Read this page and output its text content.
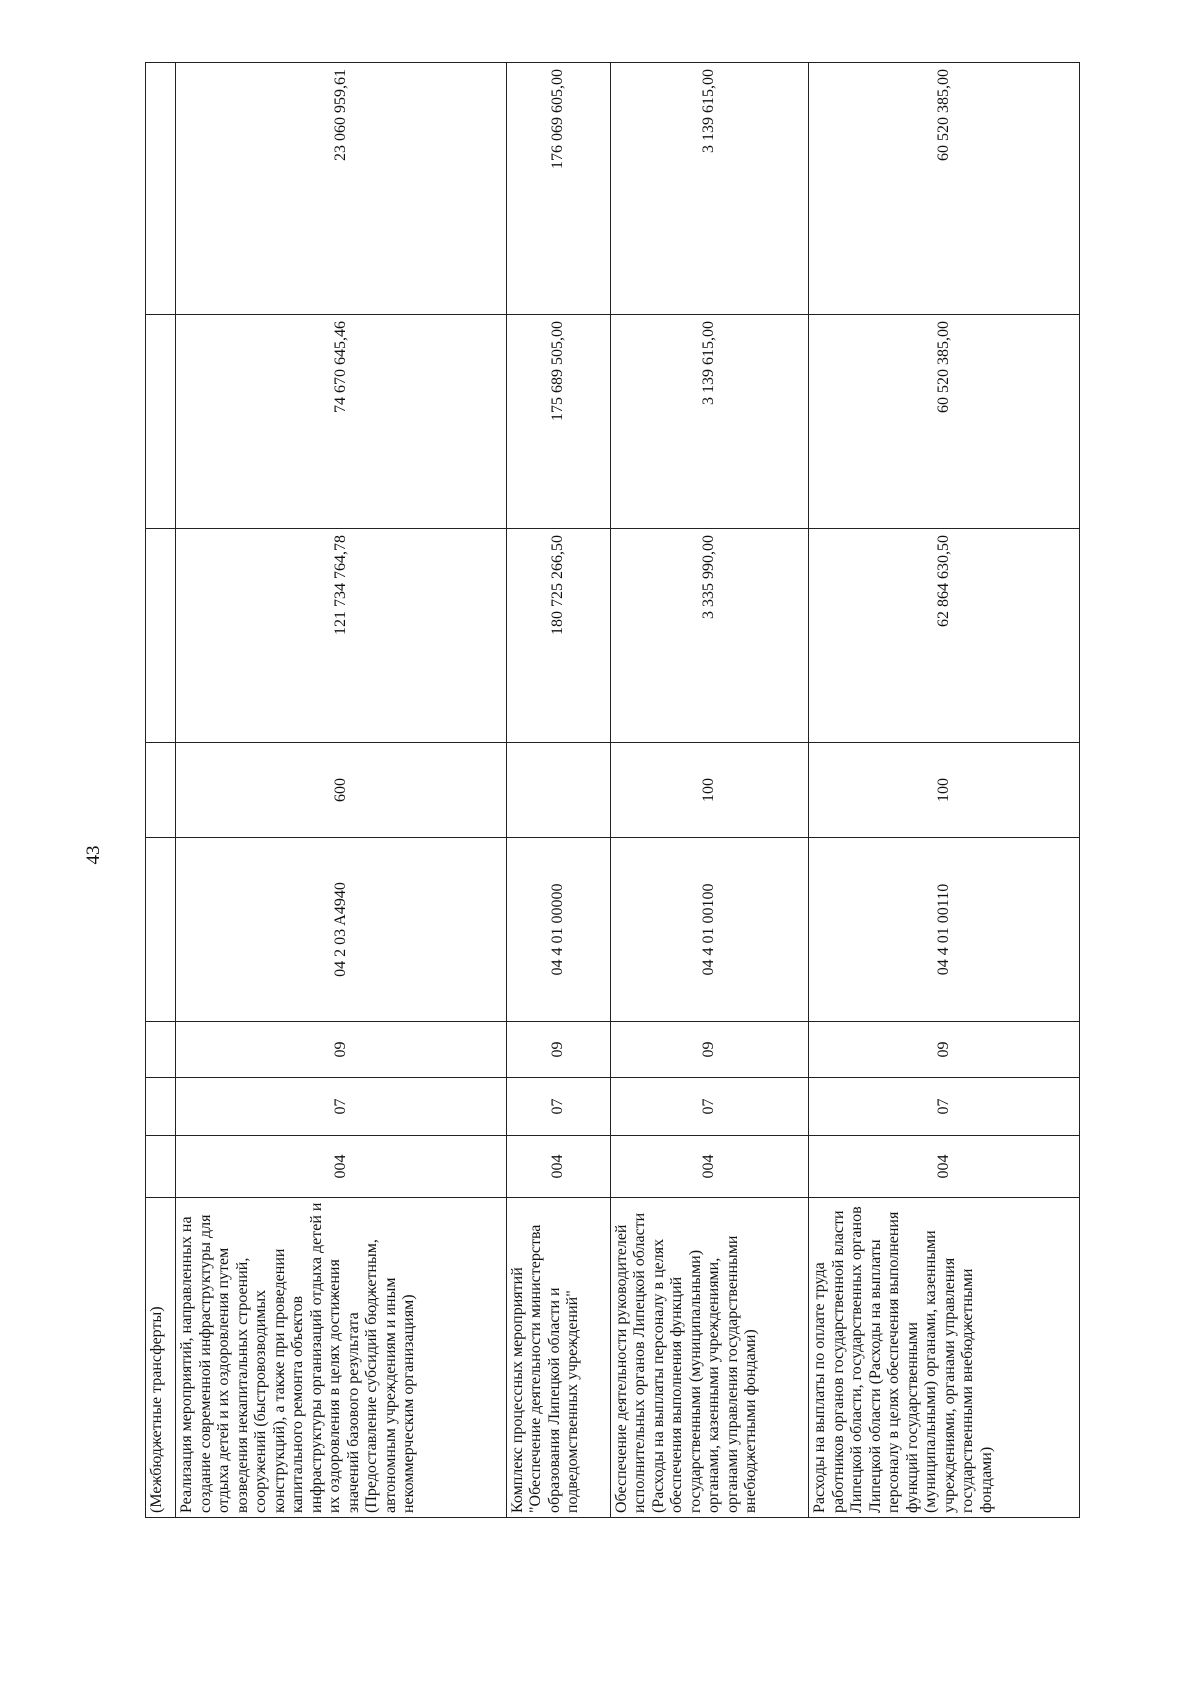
43
(Межбюджетные трансферты)								
Реализация мероприятий, направленных на создание современной инфраструктуры для отдыха детей и их оздоровления путем возведения некапитальных строений, сооружений (быстровозводимых конструкций), а также при проведении капитального ремонта объектов инфраструктуры организаций отдыха детей и их оздоровления в целях достижения значений базового результата (Предоставление субсидий бюджетным, автономным учреждениям и иным некоммерческим организациям)	004	07	09	04 2 03 A4940	600	121 734 764,78	74 670 645,46	23 060 959,61
Комплекс процессных мероприятий "Обеспечение деятельности министерства образования Липецкой области и подведомственных учреждений"	004	07	09	04 4 01 00000		180 725 266,50	175 689 505,00	176 069 605,00
Обеспечение деятельности руководителей исполнительных органов Липецкой области (Расходы на выплаты персоналу в целях обеспечения выполнения функций государственными (муниципальными) органами, казенными учреждениями, органами управления государственными внебюджетными фондами)	004	07	09	04 4 01 00100	100	3 335 990,00	3 139 615,00	3 139 615,00
Расходы на выплаты по оплате труда работников органов государственной власти Липецкой области, государственных органов Липецкой области (Расходы на выплаты персоналу в целях обеспечения выполнения функций государственными (муниципальными) органами, казенными учреждениями, органами управления государственными внебюджетными фондами)	004	07	09	04 4 01 00110	100	62 864 630,50	60 520 385,00	60 520 385,00
